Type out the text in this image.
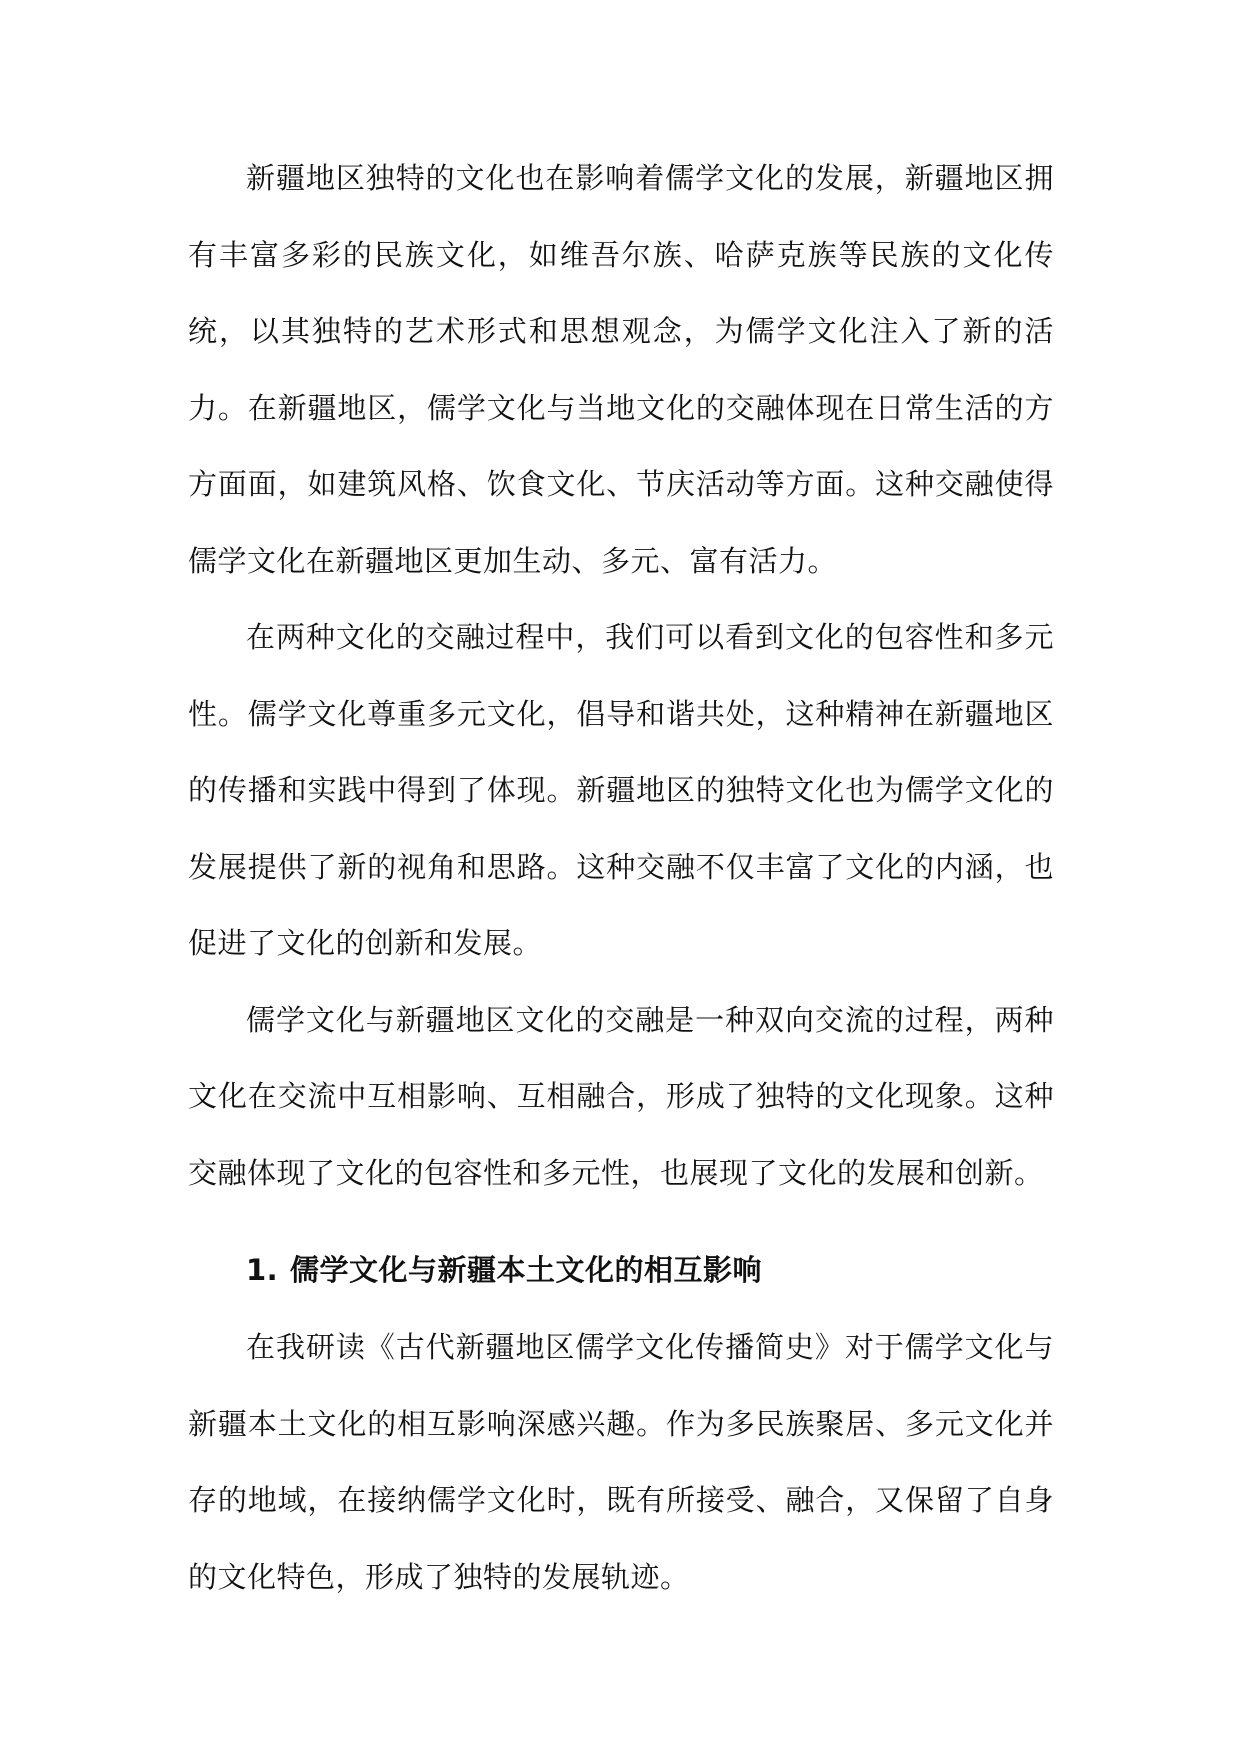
新疆地区独特的文化也在影响着儒学文化的发展，新疆地区拥有丰富多彩的民族文化，如维吾尔族、哈萨克族等民族的文化传统，以其独特的艺术形式和思想观念，为儒学文化注入了新的活力。在新疆地区，儒学文化与当地文化的交融体现在日常生活的方方面面，如建筑风格、饮食文化、节庆活动等方面。这种交融使得儒学文化在新疆地区更加生动、多元、富有活力。

在两种文化的交融过程中，我们可以看到文化的包容性和多元性。儒学文化尊重多元文化，倡导和谐共处，这种精神在新疆地区的传播和实践中得到了体现。新疆地区的独特文化也为儒学文化的发展提供了新的视角和思路。这种交融不仅丰富了文化的内涵，也促进了文化的创新和发展。

儒学文化与新疆地区文化的交融是一种双向交流的过程，两种文化在交流中互相影响、互相融合，形成了独特的文化现象。这种交融体现了文化的包容性和多元性，也展现了文化的发展和创新。

1. 儒学文化与新疆本土文化的相互影响

在我研读《古代新疆地区儒学文化传播简史》对于儒学文化与新疆本土文化的相互影响深感兴趣。作为多民族聚居、多元文化并存的地域，在接纳儒学文化时，既有所接受、融合，又保留了自身的文化特色，形成了独特的发展轨迹。
